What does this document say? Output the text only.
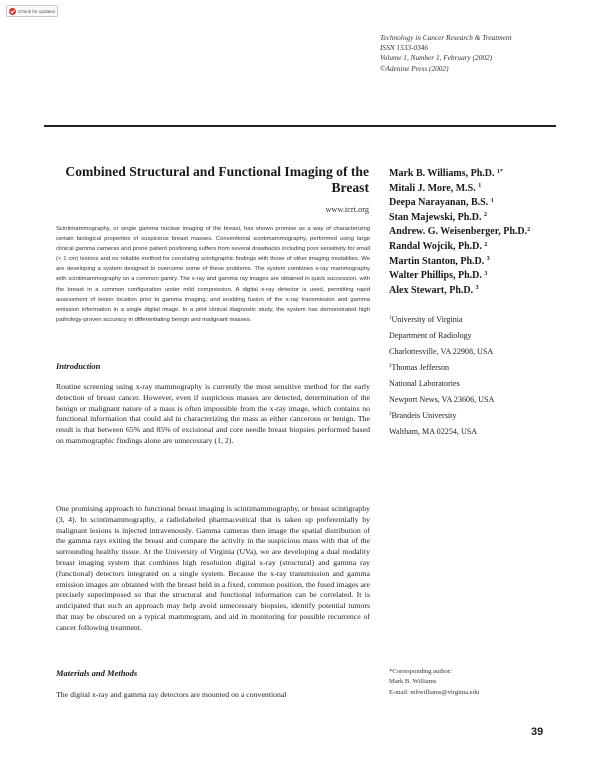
Check for updates
Technology in Cancer Research & Treatment
ISSN 1533-0346
Volume 1, Number 1, February (2002)
©Adenine Press (2002)
Combined Structural and Functional Imaging of the Breast
www.tcrt.org
Scintimammography, or single gamma nuclear imaging of the breast, has shown promise as a way of characterizing certain biological properties of suspicious breast masses. Conventional scintimammography, performed using large clinical gamma cameras and prone patient positioning suffers from several drawbacks including poor sensitivity for small (< 1 cm) lesions and no reliable method for correlating scintigraphic findings with those of other imaging modalities. We are developing a system designed to overcome some of these problems. The system combines x-ray mammography with scintimammography on a common gantry. The x-ray and gamma ray images are obtained in quick succession, with the breast in a common configuration under mild compression. A digital x-ray detector is used, permitting rapid assessment of lesion location prior to gamma imaging, and enabling fusion of the x-ray transmission and gamma emission information in a single digital image. In a pilot clinical diagnostic study, the system has demonstrated high pathology-proven accuracy in differentiating benign and malignant masses.
Mark B. Williams, Ph.D. $^{1*}$
Mitali J. More, M.S. $^1$
Deepa Narayanan, B.S. $^1$
Stan Majewski, Ph.D. $^2$
Andrew. G. Weisenberger, Ph.D.$^2$
Randal Wojcik, Ph.D. $^2$
Martin Stanton, Ph.D. $^3$
Walter Phillips, Ph.D. $^3$
Alex Stewart, Ph.D. $^3$
$^1$University of Virginia
Department of Radiology
Charlottesville, VA 22908, USA
$^2$Thomas Jefferson
National Laboratories
Newport News, VA 23606, USA
$^3$Brandeis University
Waltham, MA 02254, USA
Introduction
Routine screening using x-ray mammography is currently the most sensitive method for the early detection of breast cancer. However, even if suspicious masses are detected, determination of the benign or malignant nature of a mass is often impossible from the x-ray image, which contains no functional information that could aid in characterizing the mass as either cancerous or benign. The result is that between 65% and 85% of excisional and core needle breast biopsies performed based on mammographic findings alone are unnecessary (1, 2).
One promising approach to functional breast imaging is scintimammography, or breast scintigraphy (3, 4). In scintimammography, a radiolabeled pharmaceutical that is taken up preferentially by malignant lesions is injected intravenously. Gamma cameras then image the spatial distribution of the gamma rays exiting the breast and compare the activity in the suspicious mass with that of the surrounding healthy tissue. At the University of Virginia (UVa), we are developing a dual modality breast imaging system that combines high resolution digital x-ray (structural) and gamma ray (functional) detectors integrated on a single system. Because the x-ray transmission and gamma emission images are obtained with the breast held in a fixed, common position, the fused images are precisely superimposed so that the structural and functional information can be correlated. It is anticipated that such an approach may help avoid unnecessary biopsies, identify potential tumors that may be obscured on a typical mammogram, and aid in monitoring for possible recurrence of cancer following treatment.
Materials and Methods
The digital x-ray and gamma ray detectors are mounted on a conventional
*Corresponding author:
Mark B. Williams
E-mail: mbwilliams@virginia.edu
39
